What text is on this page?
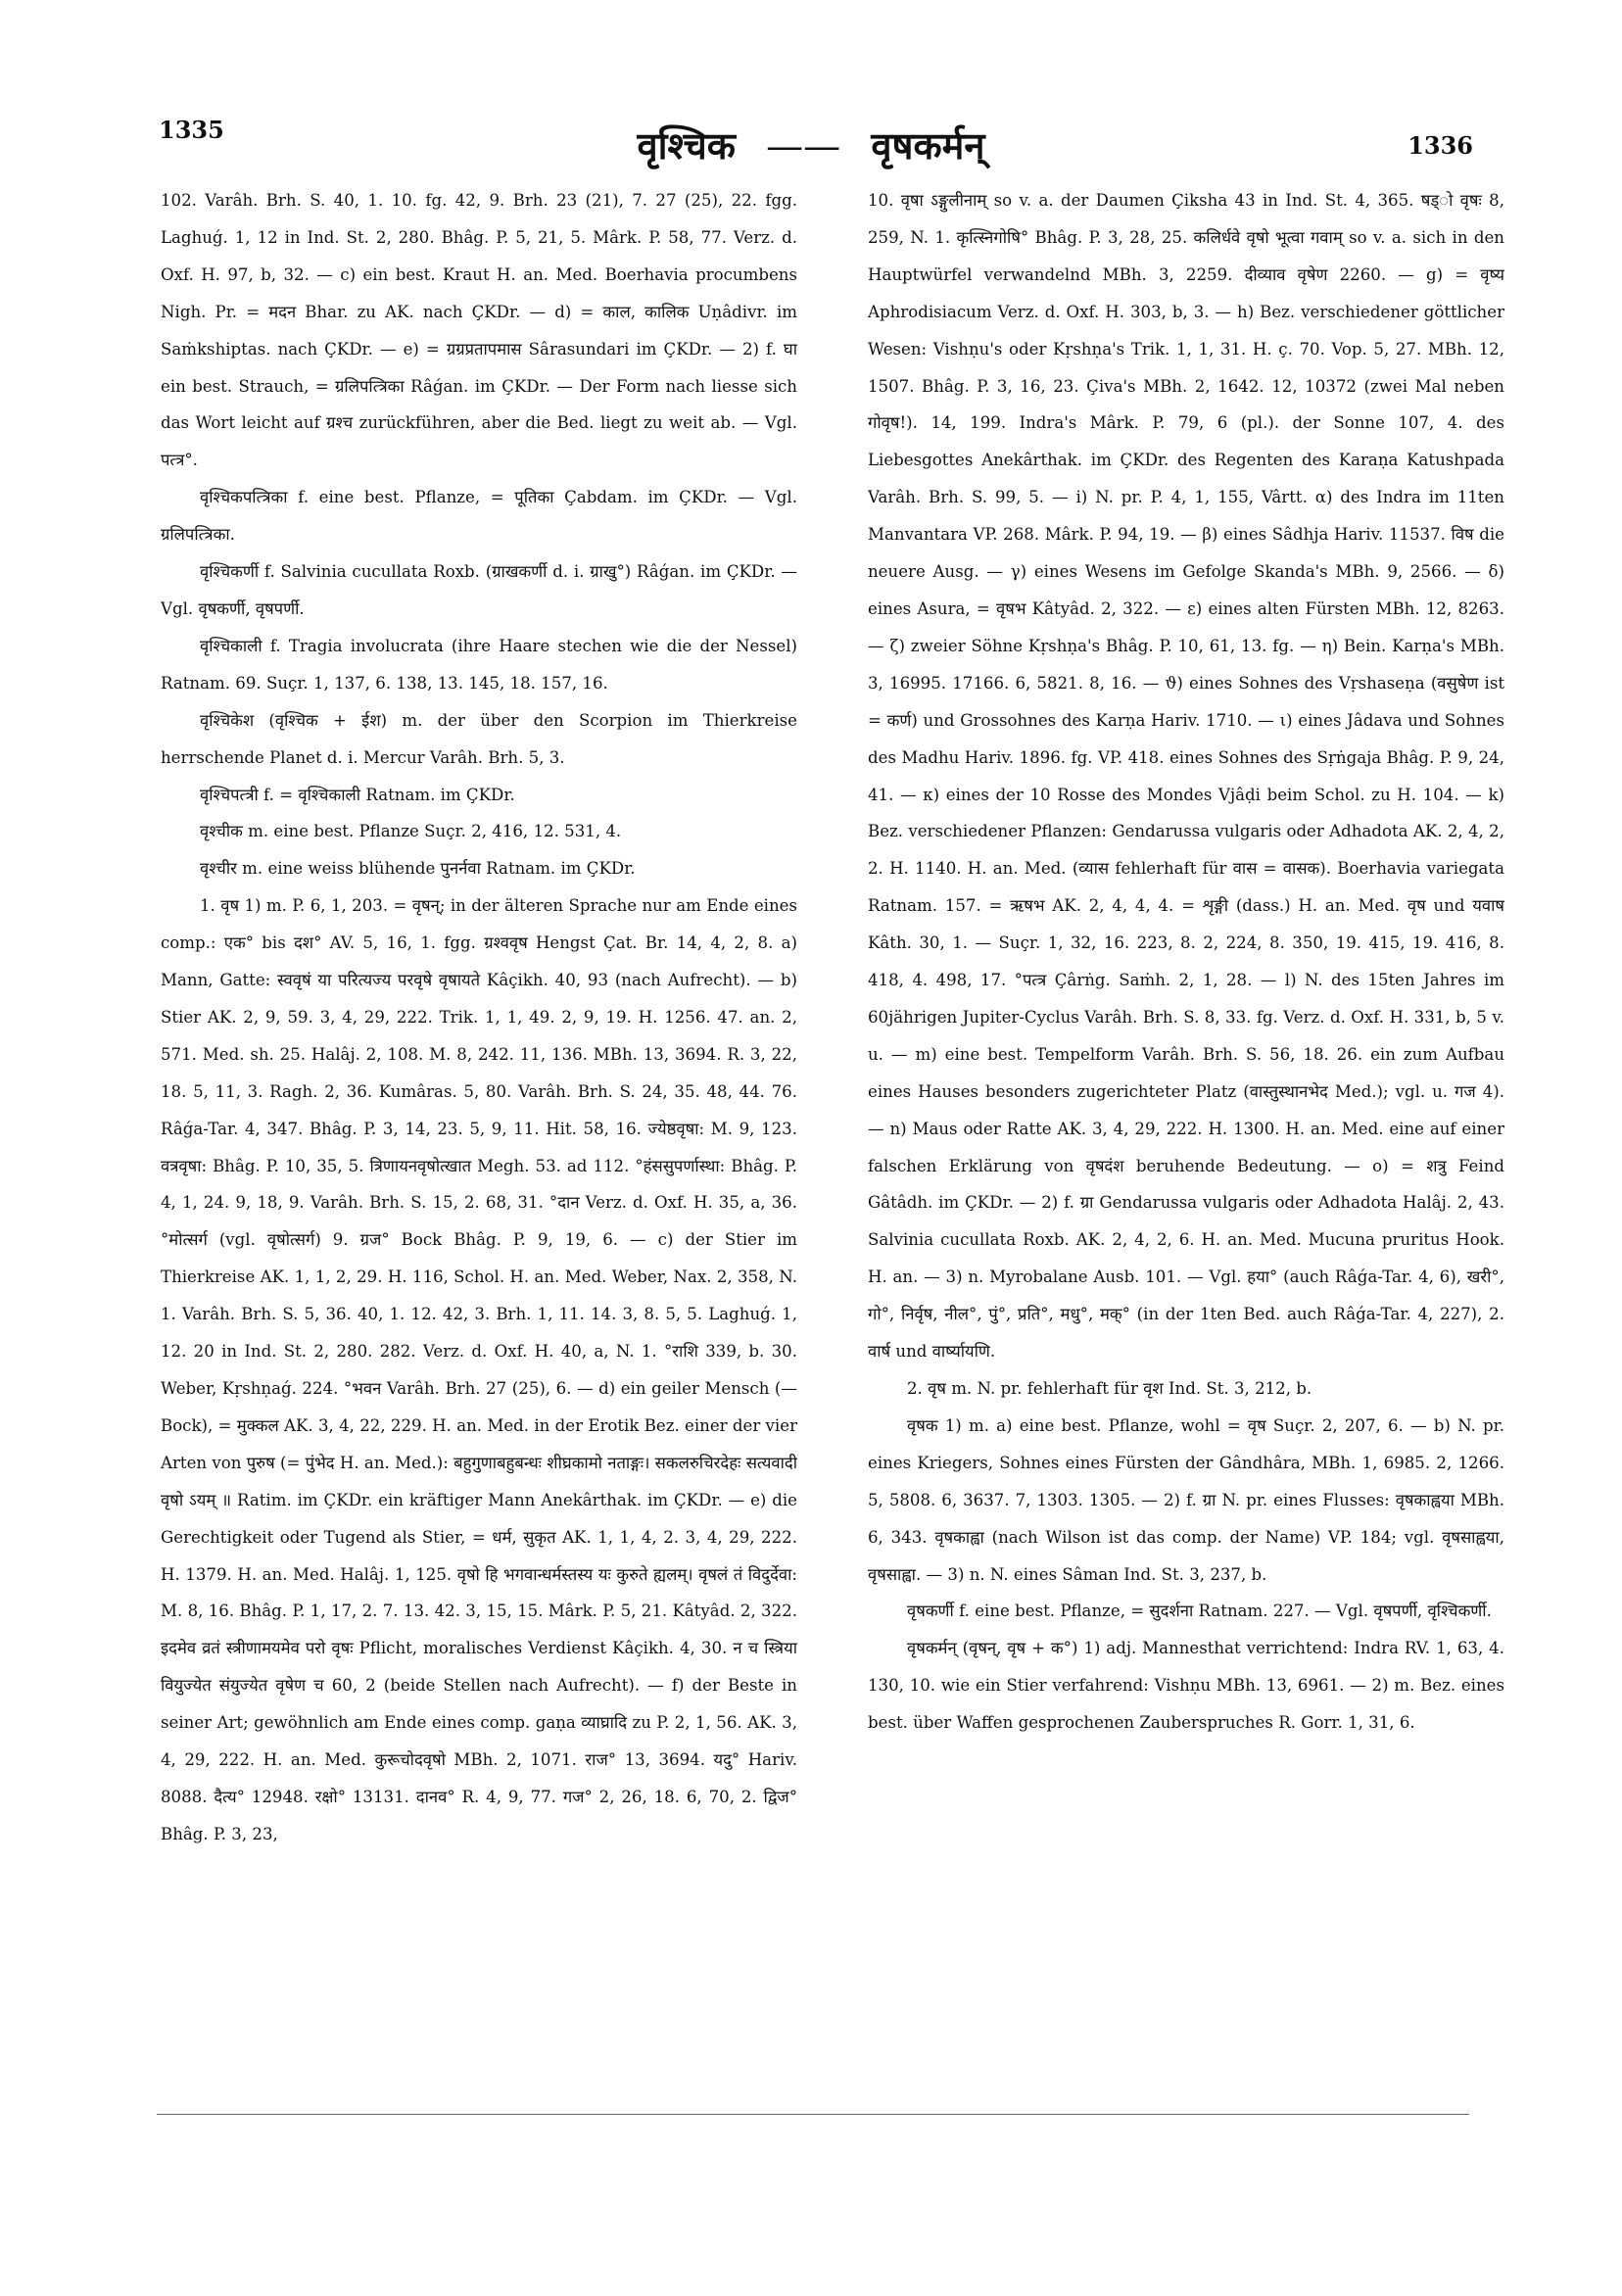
1335	वृश्चिक —— वृषकर्मन्	1336

102. Varâh. Brh. S. 40, 1. 10. fg. 42, 9. Brh. 23 (21), 7. 27 (25), 22. fgg. Laghuǵ. 1, 12 in Ind. St. 2, 280. Bhâg. P. 5, 21, 5. Mârk. P. 58, 77. Verz. d. Oxf. H. 97, b, 32. — c) ein best. Kraut H. an. Med. Boerhavia procumbens Nigh. Pr. = मदन Bhar. zu AK. nach ÇKDr. — d) = काल, कालिक Uṇâdivr. im Saṁkshiptas. nach ÇKDr. — e) = ग्रग्रप्रतापमास Sârasundari im ÇKDr. — 2) f. घा ein best. Strauch, = ग्रलिपत्त्रिका Râǵan. im ÇKDr. — Der Form nach liesse sich das Wort leicht auf ग्रश्च zurückführen, aber die Bed. liegt zu weit ab. — Vgl. पत्त्र°.

वृश्चिकपत्त्रिका f. eine best. Pflanze, = पूतिका Çabdam. im ÇKDr. — Vgl. ग्रलिपत्त्रिका.

वृश्चिकर्णी f. Salvinia cucullata Roxb. (ग्राखकर्णी d. i. ग्राखु°) Râǵan. im ÇKDr. — Vgl. वृषकर्णी, वृषपर्णी.

वृश्चिकाली f. Tragia involucrata (ihre Haare stechen wie die der Nessel) Ratnam. 69. Suçr. 1, 137, 6. 138, 13. 145, 18. 157, 16.

वृश्चिकेश (वृश्चिक + ईश) m. der über den Scorpion im Thierkreise herrschende Planet d. i. Mercur Varâh. Brh. 5, 3.

वृश्चिपत्त्री f. = वृश्चिकाली Ratnam. im ÇKDr.

वृश्चीक m. eine best. Pflanze Suçr. 2, 416, 12. 531, 4.

वृश्चीर m. eine weiss blühende पुनर्नवा Ratnam. im ÇKDr.

1. वृष 1) m. P. 6, 1, 203. = वृषन्; in der älteren Sprache nur am Ende eines comp.: एक° bis दश° AV. 5, 16, 1. fgg. ग्रश्ववृष Hengst Çat. Br. 14, 4, 2, 8. a) Mann, Gatte: स्ववृषं या परित्यज्य परवृषे वृषायते Kâçikh. 40, 93 (nach Aufrecht). — b) Stier AK. 2, 9, 59. 3, 4, 29, 222. Trik. 1, 1, 49. 2, 9, 19. H. 1256. 47. an. 2, 571. Med. sh. 25. Halâj. 2, 108. M. 8, 242. 11, 136. MBh. 13, 3694. R. 3, 22, 18. 5, 11, 3. Ragh. 2, 36. Kumâras. 5, 80. Varâh. Brh. S. 24, 35. 48, 44. 76. Râǵa-Tar. 4, 347. Bhâg. P. 3, 14, 23. 5, 9, 11. Hit. 58, 16. ज्येष्ठवृषा: M. 9, 123. वत्रवृषा: Bhâg. P. 10, 35, 5. त्रिणायनवृषोत्खात Megh. 53. ad 112. °हंससुपर्णास्था: Bhâg. P. 4, 1, 24. 9, 18, 9. Varâh. Brh. S. 15, 2. 68, 31. °दान Verz. d. Oxf. H. 35, a, 36. °मोत्सर्ग (vgl. वृषोत्सर्ग) 9. ग्रज° Bock Bhâg. P. 9, 19, 6. — c) der Stier im Thierkreise AK. 1, 1, 2, 29. H. 116, Schol. H. an. Med. Weber, Nax. 2, 358, N. 1. Varâh. Brh. S. 5, 36. 40, 1. 12. 42, 3. Brh. 1, 11. 14. 3, 8. 5, 5. Laghuǵ. 1, 12. 20 in Ind. St. 2, 280. 282. Verz. d. Oxf. H. 40, a, N. 1. °राशि 339, b. 30. Weber, Kṛshṇaǵ. 224. °भवन Varâh. Brh. 27 (25), 6. — d) ein geiler Mensch (— Bock), = मुक्कल AK. 3, 4, 22, 229. H. an. Med. in der Erotik Bez. einer der vier Arten von पुरुष (= पुंभेद H. an. Med.): बहुगुणाबहुबन्धः शीघ्रकामो नताङ्गः। सकलरुचिरदेहः सत्यवादी वृषो ऽयम् ॥ Ratim. im ÇKDr. ein kräftiger Mann Anekârthak. im ÇKDr. — e) die Gerechtigkeit oder Tugend als Stier, = धर्म, सुकृत AK. 1, 1, 4, 2. 3, 4, 29, 222. H. 1379. H. an. Med. Halâj. 1, 125. वृषो हि भगवान्धर्मस्तस्य यः कुरुते ह्यलम्। वृषलं तं विदुर्देवा: M. 8, 16. Bhâg. P. 1, 17, 2. 7. 13. 42. 3, 15, 15. Mârk. P. 5, 21. Kâtyâd. 2, 322. इदमेव व्रतं स्त्रीणामयमेव परो वृषः Pflicht, moralisches Verdienst Kâçikh. 4, 30. न च स्त्रिया वियुज्येत संयुज्येत वृषेण च 60, 2 (beide Stellen nach Aufrecht). — f) der Beste in seiner Art; gewöhnlich am Ende eines comp. gaṇa व्याघ्रादि zu P. 2, 1, 56. AK. 3, 4, 29, 222. H. an. Med. कुरूचोदवृषो MBh. 2, 1071. राज° 13, 3694. यदु° Hariv. 8088. दैत्य° 12948. रक्षो° 13131. दानव° R. 4, 9, 77. गज° 2, 26, 18. 6, 70, 2. द्विज° Bhâg. P. 3, 23,

10. वृषा ऽङ्गुलीनाम् so v. a. der Daumen Çiksha 43 in Ind. St. 4, 365. षड्ो वृषः 8, 259, N. 1. कृत्स्निगोषि° Bhâg. P. 3, 28, 25. कलिर्धवे वृषो भूत्वा गवाम् so v. a. sich in den Hauptwürfel verwandelnd MBh. 3, 2259. दीव्याव वृषेण 2260. — g) = वृष्य Aphrodisiacum Verz. d. Oxf. H. 303, b, 3. — h) Bez. verschiedener göttlicher Wesen: Vishṇu's oder Kṛshṇa's Trik. 1, 1, 31. H. ç. 70. Vop. 5, 27. MBh. 12, 1507. Bhâg. P. 3, 16, 23. Çiva's MBh. 2, 1642. 12, 10372 (zwei Mal neben गोवृष!). 14, 199. Indra's Mârk. P. 79, 6 (pl.). der Sonne 107, 4. des Liebesgottes Anekârthak. im ÇKDr. des Regenten des Karaṇa Katushpada Varâh. Brh. S. 99, 5. — i) N. pr. P. 4, 1, 155, Vârtt. α) des Indra im 11ten Manvantara VP. 268. Mârk. P. 94, 19. — β) eines Sâdhja Hariv. 11537. विष die neuere Ausg. — γ) eines Wesens im Gefolge Skanda's MBh. 9, 2566. — δ) eines Asura, = वृषभ Kâtyâd. 2, 322. — ε) eines alten Fürsten MBh. 12, 8263. — ζ) zweier Söhne Kṛshṇa's Bhâg. P. 10, 61, 13. fg. — η) Bein. Karṇa's MBh. 3, 16995. 17166. 6, 5821. 8, 16. — ϑ) eines Sohnes des Vṛshaseṇa (वसुषेण ist = कर्ण) und Grossohnes des Karṇa Hariv. 1710. — ι) eines Jâdava und Sohnes des Madhu Hariv. 1896. fg. VP. 418. eines Sohnes des Sṛṅgaja Bhâg. P. 9, 24, 41. — κ) eines der 10 Rosse des Mondes Vjâḍi beim Schol. zu H. 104. — k) Bez. verschiedener Pflanzen: Gendarussa vulgaris oder Adhadota AK. 2, 4, 2, 2. H. 1140. H. an. Med. (व्यास fehlerhaft für वास = वासक). Boerhavia variegata Ratnam. 157. = ऋषभ AK. 2, 4, 4, 4. = शृङ्गी (dass.) H. an. Med. वृष und यवाष Kâth. 30, 1. — Suçr. 1, 32, 16. 223, 8. 2, 224, 8. 350, 19. 415, 19. 416, 8. 418, 4. 498, 17. °पत्त्र Çârṅg. Saṁh. 2, 1, 28. — l) N. des 15ten Jahres im 60jährigen Jupiter-Cyclus Varâh. Brh. S. 8, 33. fg. Verz. d. Oxf. H. 331, b, 5 v. u. — m) eine best. Tempelform Varâh. Brh. S. 56, 18. 26. ein zum Aufbau eines Hauses besonders zugerichteter Platz (वास्तुस्थानभेद Med.); vgl. u. गज 4). — n) Maus oder Ratte AK. 3, 4, 29, 222. H. 1300. H. an. Med. eine auf einer falschen Erklärung von वृषदंश beruhende Bedeutung. — o) = शत्रु Feind Gâtâdh. im ÇKDr. — 2) f. ग्रा Gendarussa vulgaris oder Adhadota Halâj. 2, 43. Salvinia cucullata Roxb. AK. 2, 4, 2, 6. H. an. Med. Mucuna pruritus Hook. H. an. — 3) n. Myrobalane Ausb. 101. — Vgl. हया° (auch Râǵa-Tar. 4, 6), खरी°, गो°, निर्वृष, नील°, पुं°, प्रति°, मधु°, मक्° (in der 1ten Bed. auch Râǵa-Tar. 4, 227), 2. वार्ष und वार्ष्यायणि.

2. वृष m. N. pr. fehlerhaft für वृश Ind. St. 3, 212, b.

वृषक 1) m. a) eine best. Pflanze, wohl = वृष Suçr. 2, 207, 6. — b) N. pr. eines Kriegers, Sohnes eines Fürsten der Gândhâra, MBh. 1, 6985. 2, 1266. 5, 5808. 6, 3637. 7, 1303. 1305. — 2) f. ग्रा N. pr. eines Flusses: वृषकाह्वया MBh. 6, 343. वृषकाह्वा (nach Wilson ist das comp. der Name) VP. 184; vgl. वृषसाह्वया, वृषसाह्वा. — 3) n. N. eines Sâman Ind. St. 3, 237, b.

वृषकर्णी f. eine best. Pflanze, = सुदर्शना Ratnam. 227. — Vgl. वृषपर्णी, वृश्चिकर्णी.

वृषकर्मन् (वृषन्, वृष + क°) 1) adj. Mannesthat verrichtend: Indra RV. 1, 63, 4. 130, 10. wie ein Stier verfahrend: Vishṇu MBh. 13, 6961. — 2) m. Bez. eines best. über Waffen gesprochenen Zauberspruches R. Gorr. 1, 31, 6.
